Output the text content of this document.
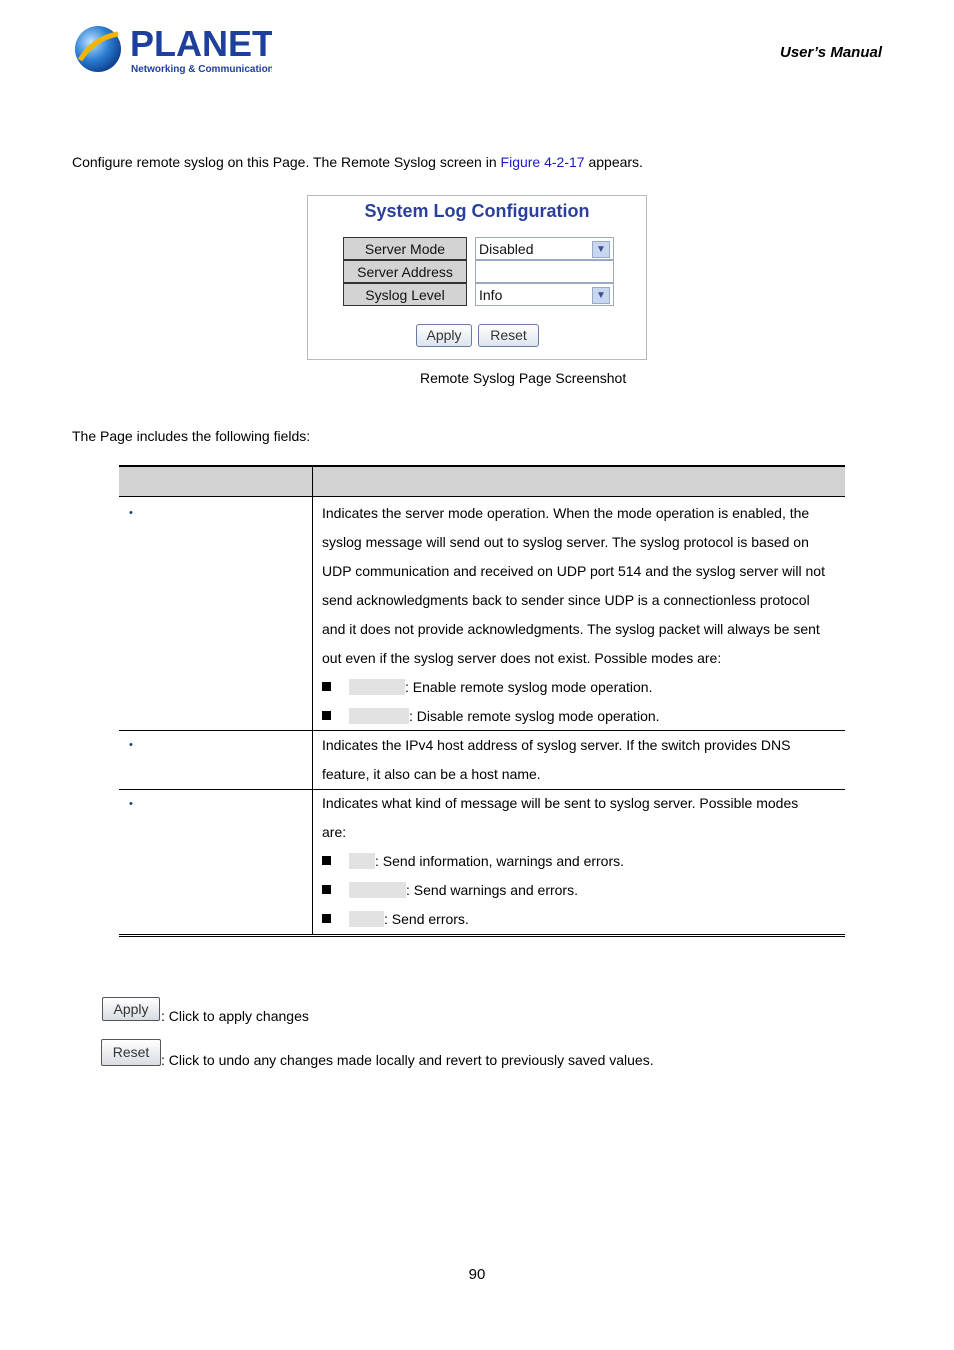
PLANET
Networking & Communication
User’s Manual
Configure remote syslog on this Page. The Remote Syslog screen in Figure 4-2-17 appears.
System Log Configuration
Server Mode		Disabled ▼

Server Address		
Syslog Level		Info ▼
Apply	Reset
Remote Syslog Page Screenshot
The Page includes the following fields:
•	Indicates the server mode operation. When the mode operation is enabled, the
syslog message will send out to syslog server. The syslog protocol is based on
UDP communication and received on UDP port 514 and the syslog server will not
send acknowledgments back to sender since UDP is a connectionless protocol
and it does not provide acknowledgments. The syslog packet will always be sent
out even if the syslog server does not exist. Possible modes are:
: Enable remote syslog mode operation.
: Disable remote syslog mode operation.
•	Indicates the IPv4 host address of syslog server. If the switch provides DNS
feature, it also can be a host name.
•	Indicates what kind of message will be sent to syslog server. Possible modes
are:
: Send information, warnings and errors.
: Send warnings and errors.
: Send errors.
Apply : Click to apply changes
Reset : Click to undo any changes made locally and revert to previously saved values.
90
